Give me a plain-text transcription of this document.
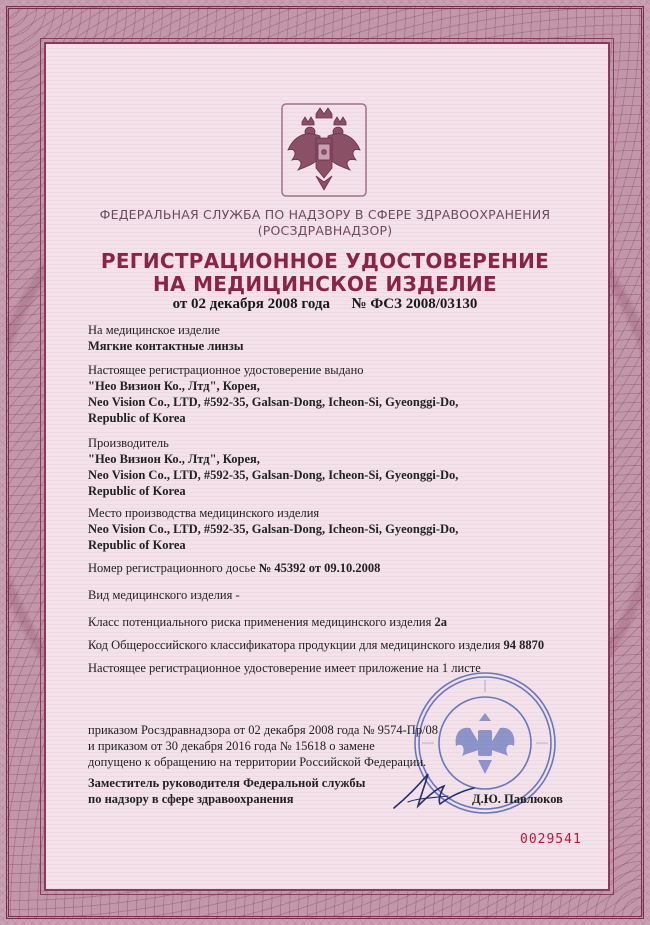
ФЕДЕРАЛЬНАЯ СЛУЖБА ПО НАДЗОРУ В СФЕРЕ ЗДРАВООХРАНЕНИЯ
(РОСЗДРАВНАДЗОР)
РЕГИСТРАЦИОННОЕ УДОСТОВЕРЕНИЕ
НА МЕДИЦИНСКОЕ ИЗДЕЛИЕ
от 02 декабря 2008 года № ФСЗ 2008/03130

На медицинское изделие

Мягкие контактные линзы

Настоящее регистрационное удостоверение выдано

"Нео Визион Ко., Лтд", Корея,

Neo Vision Co., LTD, #592-35, Galsan-Dong, Icheon-Si, Gyeonggi-Do,

Republic of Korea

Производитель

"Нео Визион Ко., Лтд", Корея,

Neo Vision Co., LTD, #592-35, Galsan-Dong, Icheon-Si, Gyeonggi-Do,

Republic of Korea

Место производства медицинского изделия

Neo Vision Co., LTD, #592-35, Galsan-Dong, Icheon-Si, Gyeonggi-Do,

Republic of Korea

Номер регистрационного досье № 45392 от 09.10.2008

Вид медицинского изделия -

Класс потенциального риска применения медицинского изделия 2а

Код Общероссийского классификатора продукции для медицинского изделия 94 8870

Настоящее регистрационное удостоверение имеет приложение на 1 листе

приказом Росздравнадзора от 02 декабря 2008 года № 9574-Пр/08

и приказом от 30 декабря 2016 года № 15618 о замене

допущено к обращению на территории Российской Федерации.

Заместитель руководителя Федеральной службы

по надзору в сфере здравоохранения	Д.Ю. Павлюков

0029541
